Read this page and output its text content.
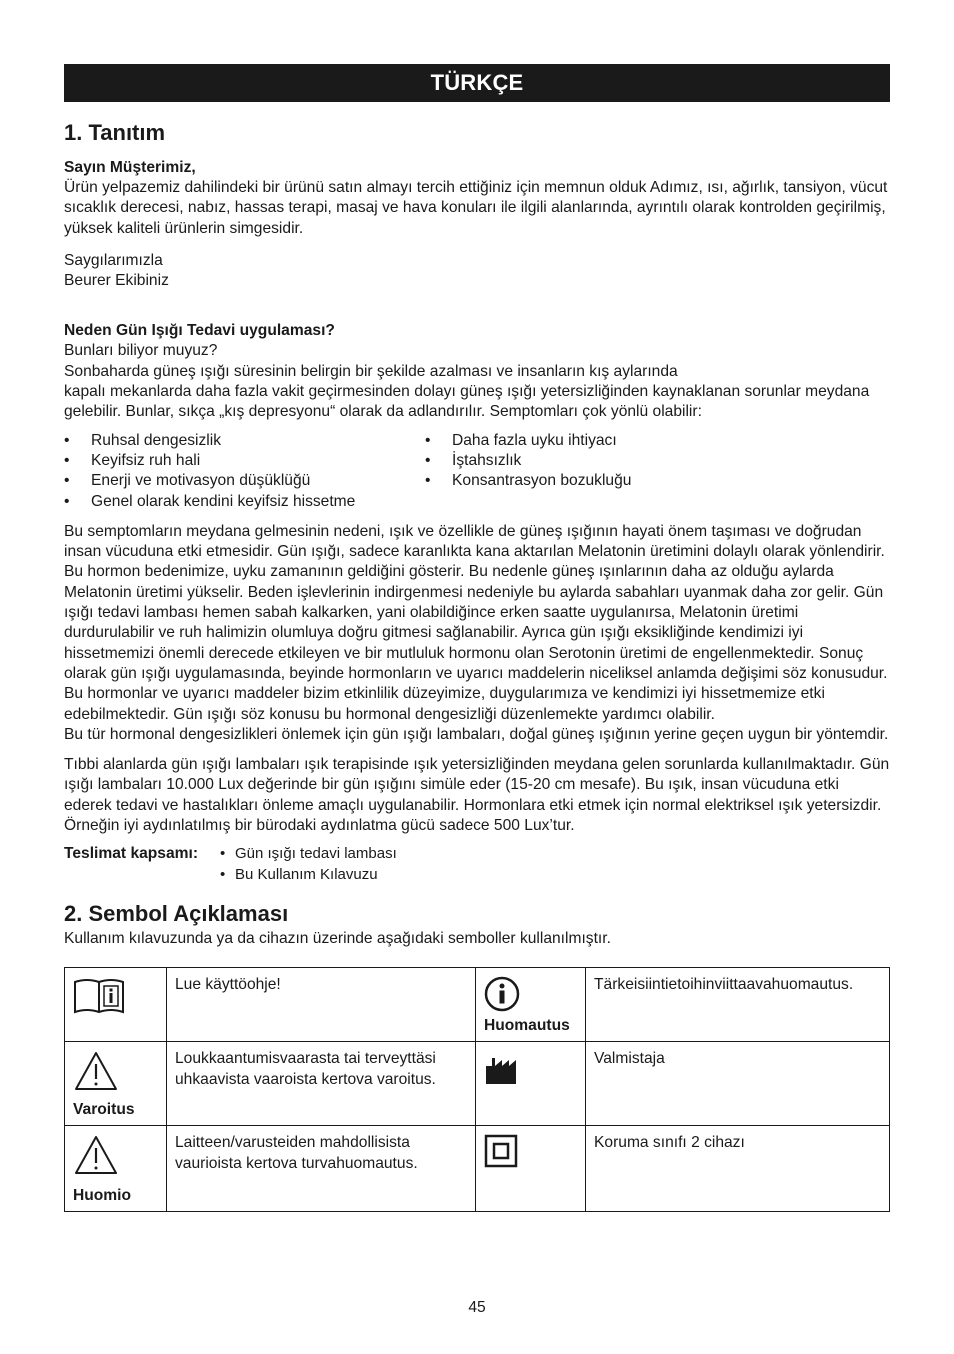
TÜRKÇE
1. Tanıtım
Sayın Müşterimiz,

Ürün yelpazemiz dahilindeki bir ürünü satın almayı tercih ettiğiniz için memnun olduk Adımız, ısı, ağırlık, tansiyon, vücut sıcaklık derecesi, nabız, hassas terapi, masaj ve hava konuları ile ilgili alanlarında, ayrıntılı olarak kontrolden geçirilmiş, yüksek kaliteli ürünlerin simgesidir.

Saygılarımızla

Beurer Ekibiniz

Neden Gün Işığı Tedavi uygulaması?

Bunları biliyor muyuz?

Sonbaharda güneş ışığı süresinin belirgin bir şekilde azalması ve insanların kış aylarında

kapalı mekanlarda daha fazla vakit geçirmesinden dolayı güneş ışığı yetersizliğinden kaynaklanan sorunlar meydana gelebilir. Bunlar, sıkça „kış depresyonu“ olarak da adlandırılır. Semptomları çok yönlü olabilir:

• Ruhsal dengesizlik
• Keyifsiz ruh hali
• Enerji ve motivasyon düşüklüğü
• Genel olarak kendini keyifsiz hissetme
• Daha fazla uyku ihtiyacı
• İştahsızlık
• Konsantrasyon bozukluğu

Bu semptomların meydana gelmesinin nedeni, ışık ve özellikle de güneş ışığının hayati önem taşıması ve doğrudan insan vücuduna etki etmesidir. Gün ışığı, sadece karanlıkta kana aktarılan Melatonin üretimini dolaylı olarak yönlendirir. Bu hormon bedenimize, uyku zamanının geldiğini gösterir. Bu nedenle güneş ışınlarının daha az olduğu aylarda Melatonin üretimi yükselir. Beden işlevlerinin indirgenmesi nedeniyle bu aylarda sabahları uyanmak daha zor gelir. Gün ışığı tedavi lambası hemen sabah kalkarken, yani olabildiğince erken saatte uygulanırsa, Melatonin üretimi durdurulabilir ve ruh halimizin olumluya doğru gitmesi sağlanabilir. Ayrıca gün ışığı eksikliğinde kendimizi iyi hissetmemizi önemli derecede etkileyen ve bir mutluluk hormonu olan Serotonin üretimi de engellenmektedir. Sonuç olarak gün ışığı uygulamasında, beyinde hormonların ve uyarıcı maddelerin niceliksel anlamda değişimi söz konusudur. Bu hormonlar ve uyarıcı maddeler bizim etkinlilik düzeyimize, duygularımıza ve kendimizi iyi hissetmemize etki edebilmektedir. Gün ışığı söz konusu bu hormonal dengesizliği düzenlemekte yardımcı olabilir.

Bu tür hormonal dengesizlikleri önlemek için gün ışığı lambaları, doğal güneş ışığının yerine geçen uygun bir yöntemdir.

Tıbbi alanlarda gün ışığı lambaları ışık terapisinde ışık yetersizliğinden meydana gelen sorunlarda kullanılmaktadır. Gün ışığı lambaları 10.000 Lux değerinde bir gün ışığını simüle eder (15-20 cm mesafe). Bu ışık, insan vücuduna etki ederek tedavi ve hastalıkları önleme amaçlı uygulanabilir. Hormonlara etki etmek için normal elektriksel ışık yetersizdir. Örneğin iyi aydınlatılmış bir bürodaki aydınlatma gücü sadece 500 Lux’tur.

Teslimat kapsamı:	• Gün ışığı tedavi lambası
• Bu Kullanım Kılavuzu
2. Sembol Açıklaması

Kullanım kılavuzunda ya da cihazın üzerinde aşağıdaki semboller kullanılmıştır.

	Lue käyttöohje!	Huomautus	Tärkeisiintietoihinviittaavahuomautus.

Varoitus	Loukkaantumisvaarasta tai terveyttäsi uhkaavista vaaroista kertova varoitus.		Valmistaja

Huomio	Laitteen/varusteiden mahdollisista vaurioista kertova turvahuomautus.		Koruma sınıfı 2 cihazı
45
